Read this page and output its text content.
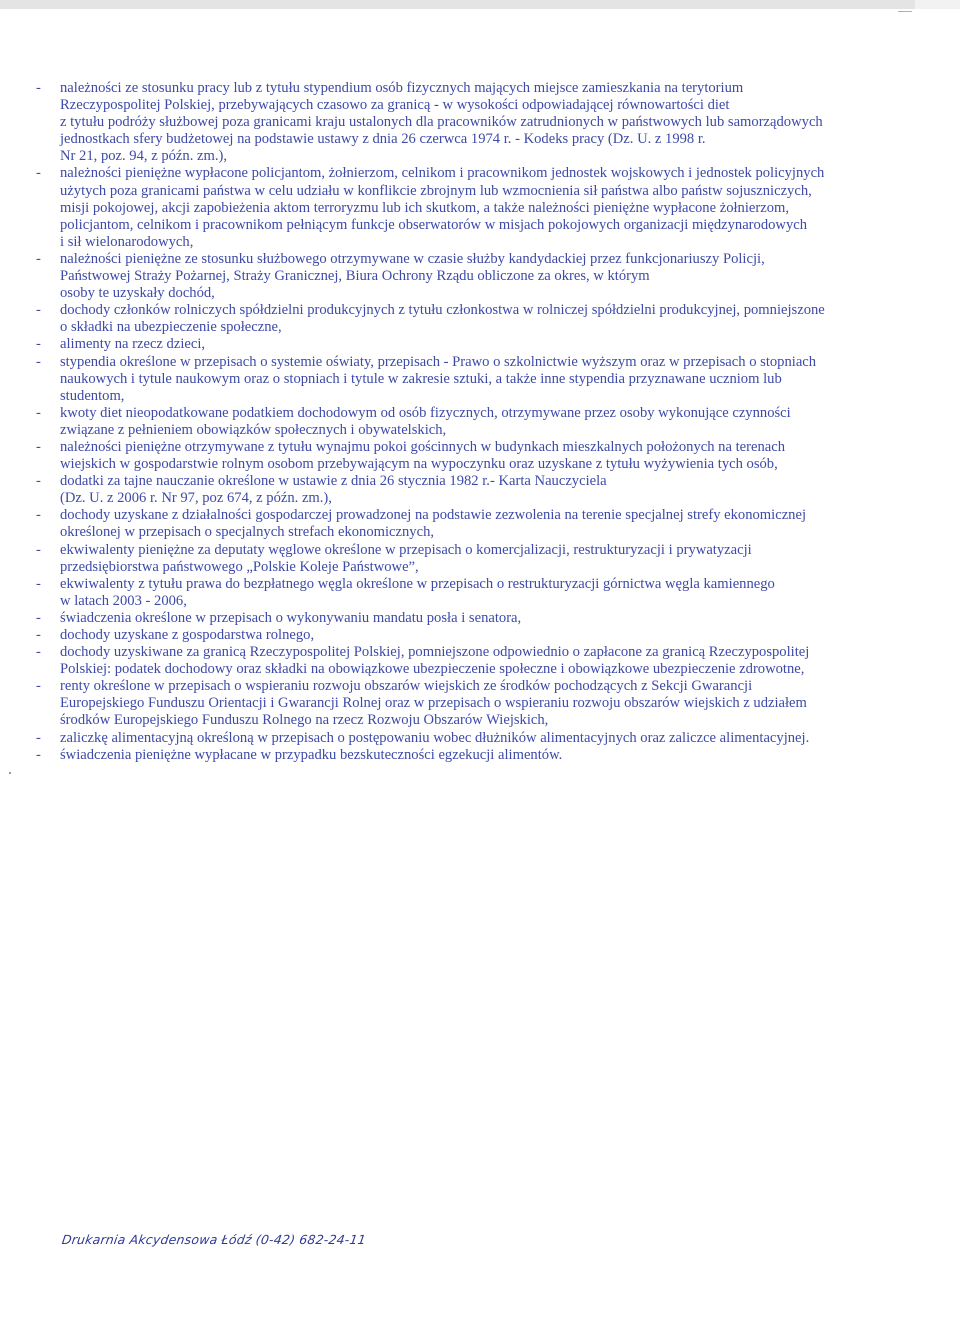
- należności ze stosunku pracy lub z tytułu stypendium osób fizycznych mających miejsce zamieszkania na terytorium
Rzeczypospolitej Polskiej, przebywających czasowo za granicą - w wysokości odpowiadającej równowartości diet
z tytułu podróży służbowej poza granicami kraju ustalonych dla pracowników zatrudnionych w państwowych lub samorządowych
jednostkach sfery budżetowej na podstawie ustawy z dnia 26 czerwca 1974 r. - Kodeks pracy (Dz. U. z 1998 r.
Nr 21, poz. 94, z późn. zm.),
- należności pieniężne wypłacone policjantom, żołnierzom, celnikom i pracownikom jednostek wojskowych i jednostek policyjnych
użytych poza granicami państwa w celu udziału w konflikcie zbrojnym lub wzmocnienia sił państwa albo państw sojuszniczych,
misji pokojowej, akcji zapobieżenia aktom terroryzmu lub ich skutkom, a także należności pieniężne wypłacone żołnierzom,
policjantom, celnikom i pracownikom pełniącym funkcje obserwatorów w misjach pokojowych organizacji międzynarodowych
i sił wielonarodowych,
- należności pieniężne ze stosunku służbowego otrzymywane w czasie służby kandydackiej przez funkcjonariuszy Policji,
Państwowej Straży Pożarnej, Straży Granicznej, Biura Ochrony Rządu obliczone za okres, w którym
osoby te uzyskały dochód,
- dochody członków rolniczych spółdzielni produkcyjnych z tytułu członkostwa w rolniczej spółdzielni produkcyjnej, pomniejszone
o składki na ubezpieczenie społeczne,
- alimenty na rzecz dzieci,
- stypendia określone w przepisach o systemie oświaty, przepisach - Prawo o szkolnictwie wyższym oraz w przepisach o stopniach
naukowych i tytule naukowym oraz o stopniach i tytule w zakresie sztuki, a także inne stypendia przyznawane uczniom lub
studentom,
- kwoty diet nieopodatkowane podatkiem dochodowym od osób fizycznych, otrzymywane przez osoby wykonujące czynności
związane z pełnieniem obowiązków społecznych i obywatelskich,
- należności pieniężne otrzymywane z tytułu wynajmu pokoi gościnnych w budynkach mieszkalnych położonych na terenach
wiejskich w gospodarstwie rolnym osobom przebywającym na wypoczynku oraz uzyskane z tytułu wyżywienia tych osób,
- dodatki za tajne nauczanie określone w ustawie z dnia 26 stycznia 1982 r.- Karta Nauczyciela
(Dz. U. z 2006 r. Nr 97, poz 674, z późn. zm.),
- dochody uzyskane z działalności gospodarczej prowadzonej na podstawie zezwolenia na terenie specjalnej strefy ekonomicznej
określonej w przepisach o specjalnych strefach ekonomicznych,
- ekwiwalenty pieniężne za deputaty węglowe określone w przepisach o komercjalizacji, restrukturyzacji i prywatyzacji
przedsiębiorstwa państwowego „Polskie Koleje Państwowe”,
- ekwiwalenty z tytułu prawa do bezpłatnego węgla określone w przepisach o restrukturyzacji górnictwa węgla kamiennego
w latach 2003 - 2006,
- świadczenia określone w przepisach o wykonywaniu mandatu posła i senatora,
- dochody uzyskane z gospodarstwa rolnego,
- dochody uzyskiwane za granicą Rzeczypospolitej Polskiej, pomniejszone odpowiednio o zapłacone za granicą Rzeczypospolitej
Polskiej: podatek dochodowy oraz składki na obowiązkowe ubezpieczenie społeczne i obowiązkowe ubezpieczenie zdrowotne,
- renty określone w przepisach o wspieraniu rozwoju obszarów wiejskich ze środków pochodzących z Sekcji Gwarancji
Europejskiego Funduszu Orientacji i Gwarancji Rolnej oraz w przepisach o wspieraniu rozwoju obszarów wiejskich z udziałem
środków Europejskiego Funduszu Rolnego na rzecz Rozwoju Obszarów Wiejskich,
- zaliczkę alimentacyjną określoną w przepisach o postępowaniu wobec dłużników alimentacyjnych oraz zaliczce alimentacyjnej.
- świadczenia pieniężne wypłacane w przypadku bezskuteczności egzekucji alimentów.
Drukarnia Akcydensowa Łódź (0-42) 682-24-11
